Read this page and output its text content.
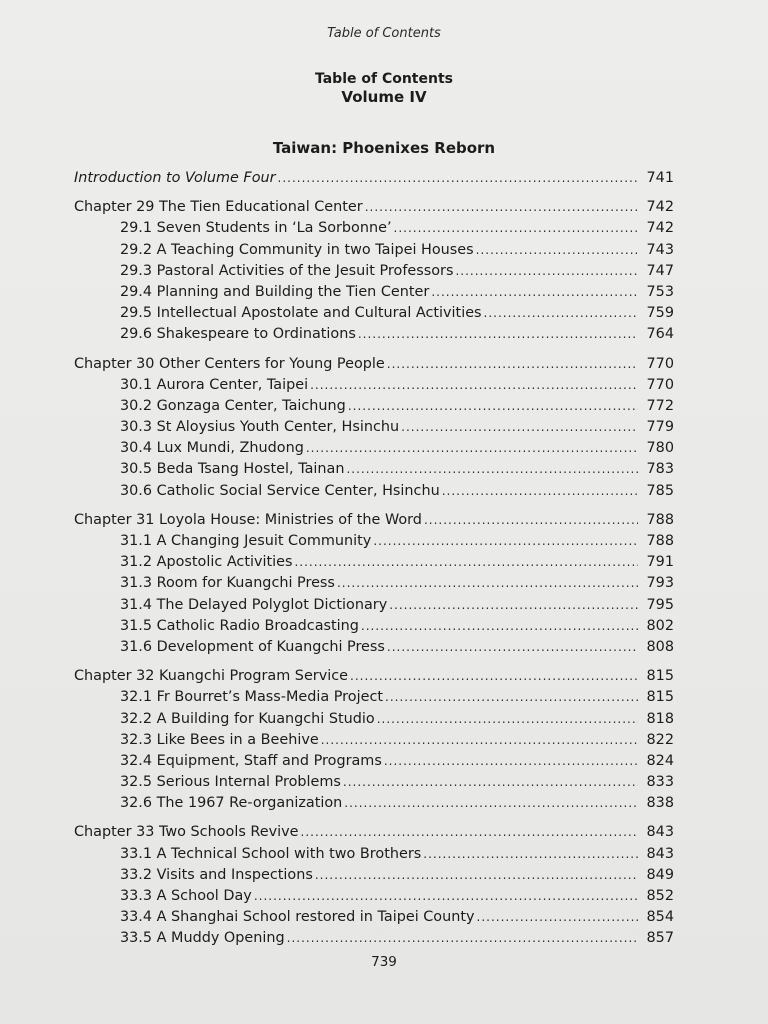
Table of Contents
Table of Contents
Volume IV
Taiwan: Phoenixes Reborn
Introduction to Volume Four .....	741
Chapter 29 The Tien Educational Center .....	742
29.1 Seven Students in ‘La Sorbonne’ .....	742
29.2 A Teaching Community in two Taipei Houses .....	743
29.3 Pastoral Activities of the Jesuit Professors .....	747
29.4 Planning and Building the Tien Center .....	753
29.5 Intellectual Apostolate and Cultural Activities .....	759
29.6 Shakespeare to Ordinations .....	764
Chapter 30 Other Centers for Young People .....	770
30.1 Aurora Center, Taipei .....	770
30.2 Gonzaga Center, Taichung .....	772
30.3 St Aloysius Youth Center, Hsinchu .....	779
30.4 Lux Mundi, Zhudong .....	780
30.5 Beda Tsang Hostel, Tainan .....	783
30.6 Catholic Social Service Center, Hsinchu .....	785
Chapter 31 Loyola House: Ministries of the Word .....	788
31.1 A Changing Jesuit Community .....	788
31.2 Apostolic Activities .....	791
31.3 Room for Kuangchi Press .....	793
31.4 The Delayed Polyglot Dictionary .....	795
31.5 Catholic Radio Broadcasting .....	802
31.6 Development of Kuangchi Press .....	808
Chapter 32 Kuangchi Program Service .....	815
32.1 Fr Bourret’s Mass-Media Project .....	815
32.2 A Building for Kuangchi Studio .....	818
32.3 Like Bees in a Beehive .....	822
32.4 Equipment, Staff and Programs .....	824
32.5 Serious Internal Problems .....	833
32.6 The 1967 Re-organization .....	838
Chapter 33 Two Schools Revive .....	843
33.1 A Technical School with two Brothers .....	843
33.2 Visits and Inspections .....	849
33.3 A School Day .....	852
33.4 A Shanghai School restored in Taipei County .....	854
33.5 A Muddy Opening .....	857
739
